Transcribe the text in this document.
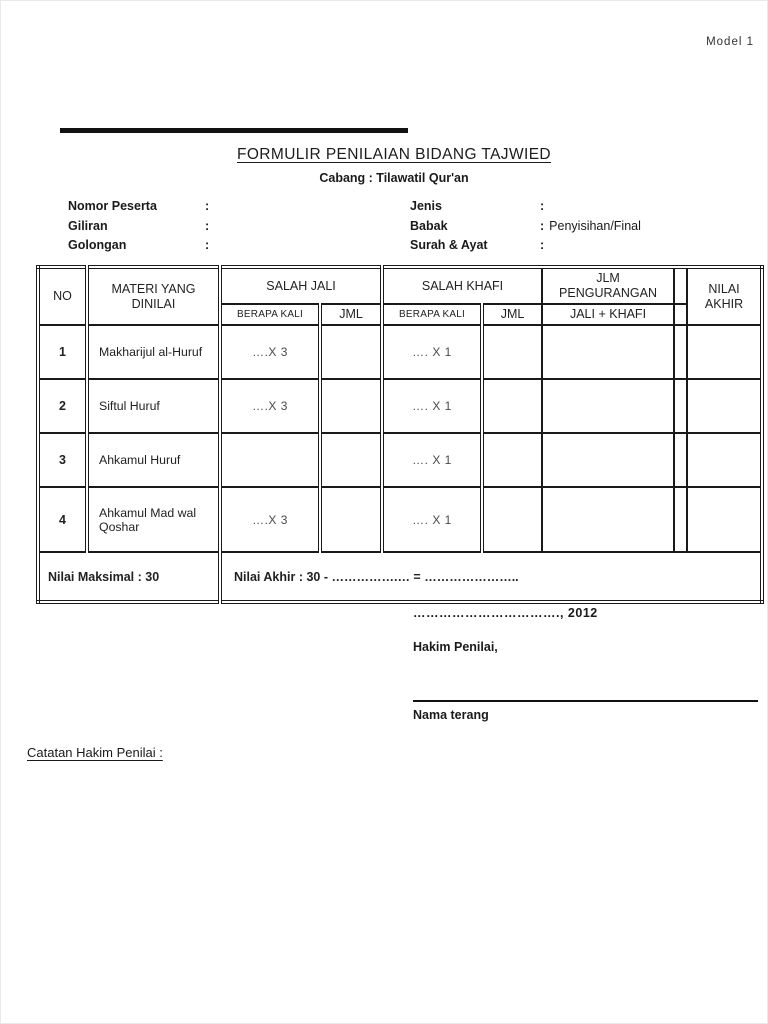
Model 1
FORMULIR PENILAIAN BIDANG TAJWIED
Cabang : Tilawatil Qur'an
Nomor Peserta	:
Giliran	:
Golongan	:
Jenis	:
Babak	: Penyisihan/Final
Surah & Ayat	:
NO	MATERI YANG DINILAI	SALAH JALI		SALAH KHAFI		JLM PENGURANGAN		NILAI AKHIR
		BERAPA KALI	JML	BERAPA KALI	JML	JALI + KHAFI		
1	Makharijul al-Huruf	….X 3		…. X 1				
2	Siftul Huruf	….X 3		…. X 1				
3	Ahkamul Huruf			…. X 1				
4	Ahkamul Mad wal Qoshar	….X 3		…. X 1				
Nilai Maksimal : 30		Nilai Akhir : 30 - …………….… = …………………..						
……………………………., 2012
Hakim Penilai,
Nama terang
Catatan Hakim Penilai :
